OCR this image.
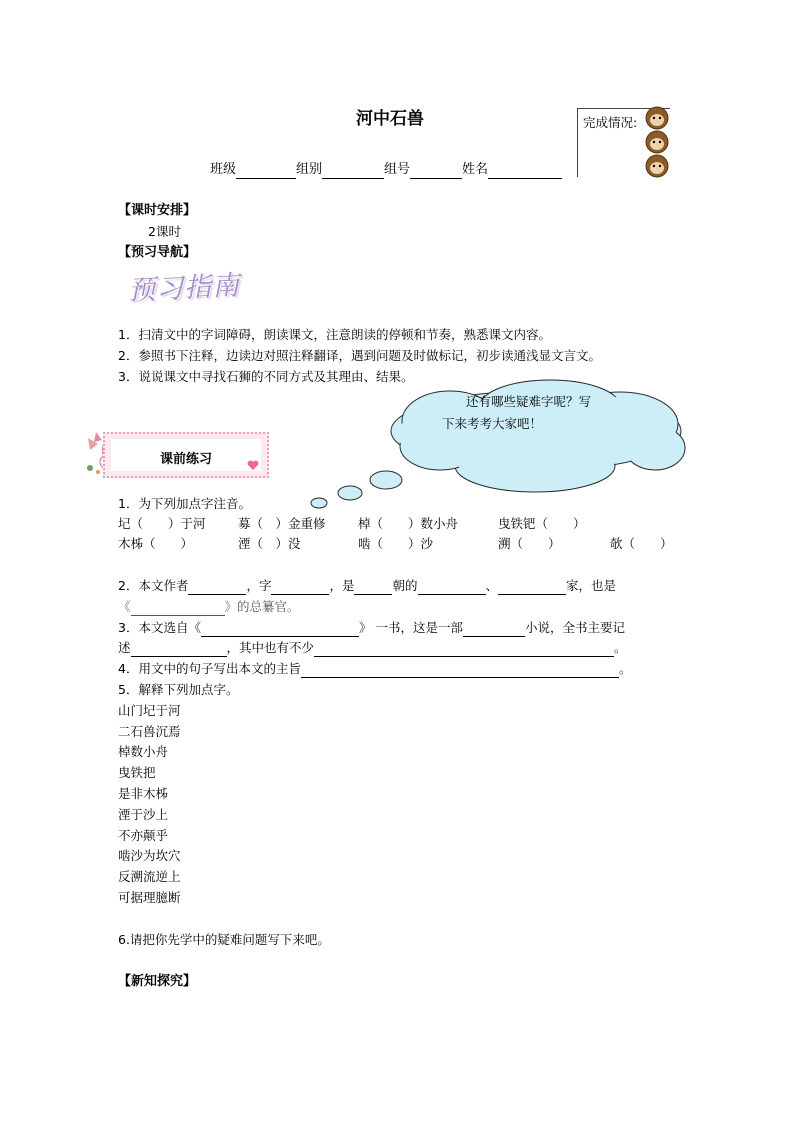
河中石兽	完成情况:
班级	组别	组号	姓名
【课时安排】
2课时
【预习导航】
预习指南
1．扫清文中的字词障碍，朗读课文，注意朗读的停顿和节奏，熟悉课文内容。
2．参照书下注释，边读边对照注释翻译，遇到问题及时做标记，初步读通浅显文言文。
3．说说课文中寻找石狮的不同方式及其理由、结果。
还有哪些疑难字呢？写
下来考考大家吧！
课前练习
1．为下列加点字注音。
圮（　　）于河	募（　）金重修	棹（　　）数小舟	曳铁钯（　　）
木柹（　　）	湮（　）没	啮（　　）沙	溯（　　）	欹（　　）
2．本文作者	，字	，是	朝的	、	家，也是
《	》的总纂官。
3．本文选自《	》 一书，这是一部	小说，全书主要记
述	，其中也有不少	。
4．用文中的句子写出本文的主旨	。
5．解释下列加点字。
山门圮于河
二石兽沉焉
棹数小舟
曳铁把
是非木柹
湮于沙上
不亦颠乎
啮沙为坎穴
反溯流逆上
可据理臆断
6.请把你先学中的疑难问题写下来吧。
【新知探究】
